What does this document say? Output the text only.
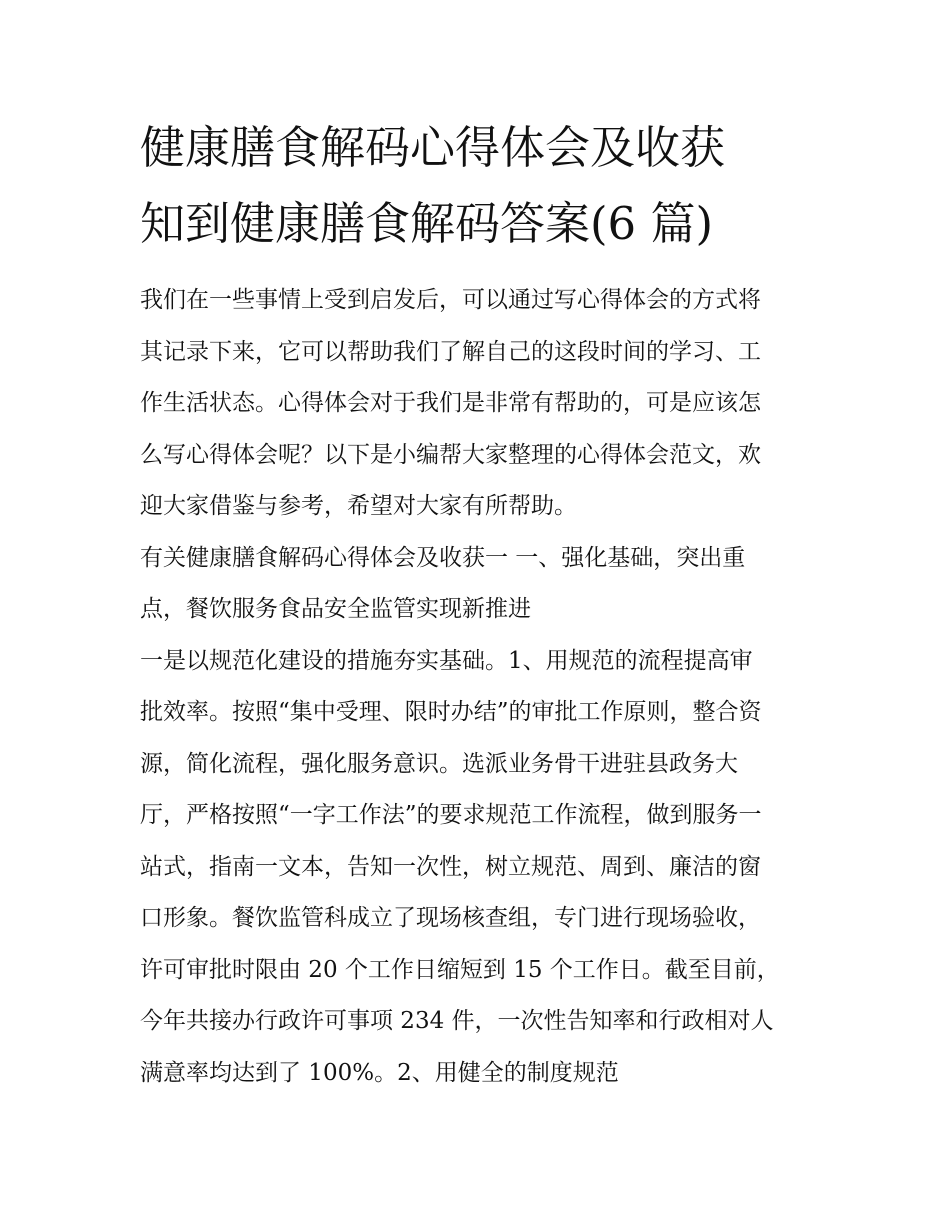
健康膳食解码心得体会及收获
知到健康膳食解码答案(6 篇)

我们在一些事情上受到启发后，可以通过写心得体会的方式将
其记录下来，它可以帮助我们了解自己的这段时间的学习、工
作生活状态。心得体会对于我们是非常有帮助的，可是应该怎
么写心得体会呢？以下是小编帮大家整理的心得体会范文，欢
迎大家借鉴与参考，希望对大家有所帮助。

有关健康膳食解码心得体会及收获一 一、强化基础，突出重
点，餐饮服务食品安全监管实现新推进

一是以规范化建设的措施夯实基础。1、用规范的流程提高审
批效率。按照“集中受理、限时办结”的审批工作原则，整合资
源，简化流程，强化服务意识。选派业务骨干进驻县政务大
厅，严格按照“一字工作法”的要求规范工作流程，做到服务一
站式，指南一文本，告知一次性，树立规范、周到、廉洁的窗
口形象。餐饮监管科成立了现场核查组，专门进行现场验收，
许可审批时限由 20 个工作日缩短到 15 个工作日。截至目前，
今年共接办行政许可事项 234 件，一次性告知率和行政相对人
满意率均达到了 100%。2、用健全的制度规范
